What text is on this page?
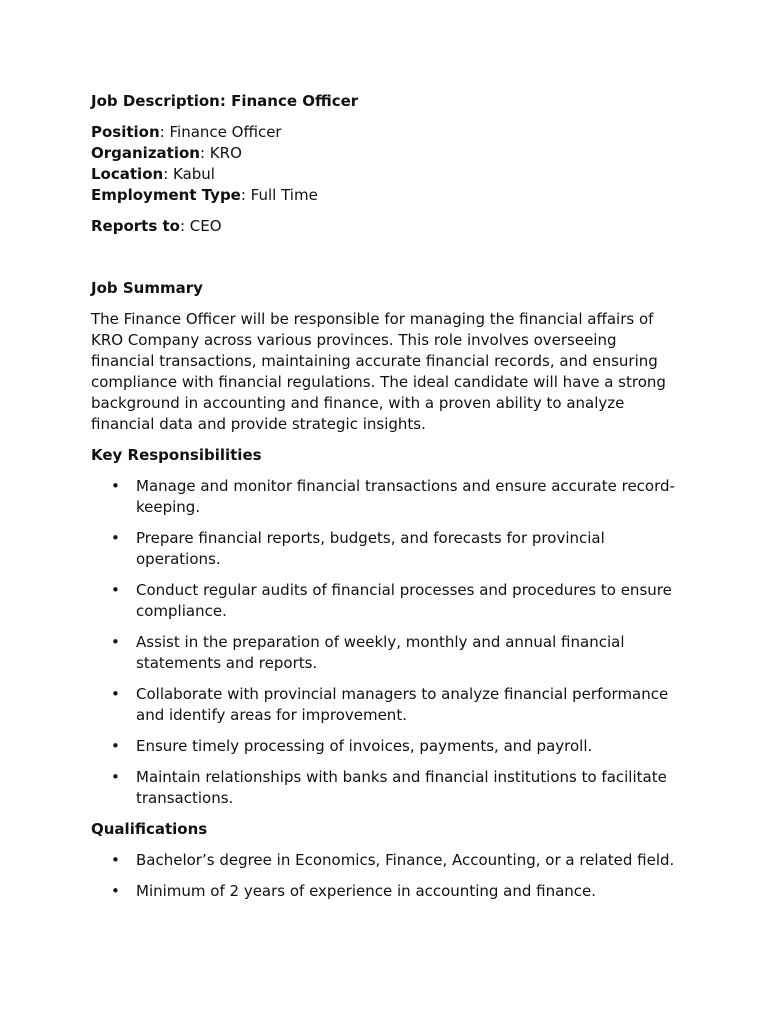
Job Description: Finance Officer

Position: Finance Officer

Organization: KRO

Location: Kabul

Employment Type: Full Time

Reports to: CEO

Job Summary

The Finance Officer will be responsible for managing the financial affairs of KRO Company across various provinces. This role involves overseeing financial transactions, maintaining accurate financial records, and ensuring compliance with financial regulations. The ideal candidate will have a strong background in accounting and finance, with a proven ability to analyze financial data and provide strategic insights.

Key Responsibilities

• Manage and monitor financial transactions and ensure accurate record-keeping.
• Prepare financial reports, budgets, and forecasts for provincial operations.
• Conduct regular audits of financial processes and procedures to ensure compliance.
• Assist in the preparation of weekly, monthly and annual financial statements and reports.
• Collaborate with provincial managers to analyze financial performance and identify areas for improvement.
• Ensure timely processing of invoices, payments, and payroll.
• Maintain relationships with banks and financial institutions to facilitate transactions.

Qualifications

• Bachelor’s degree in Economics, Finance, Accounting, or a related field.
• Minimum of 2 years of experience in accounting and finance.
